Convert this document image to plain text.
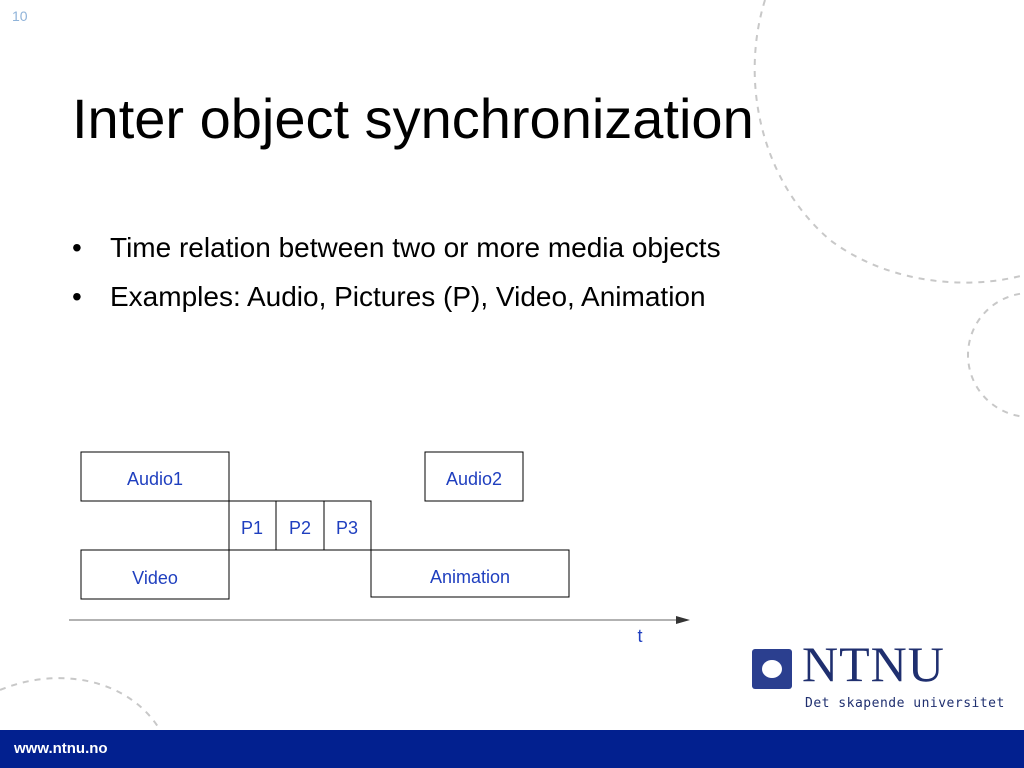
10
Inter object synchronization
• Time relation between two or more media objects
• Examples: Audio, Pictures (P), Video, Animation
Audio1	Audio2
P1 P2 P3
Video	Animation
t	NTNU
Det skapende universitet
www.ntnu.no
